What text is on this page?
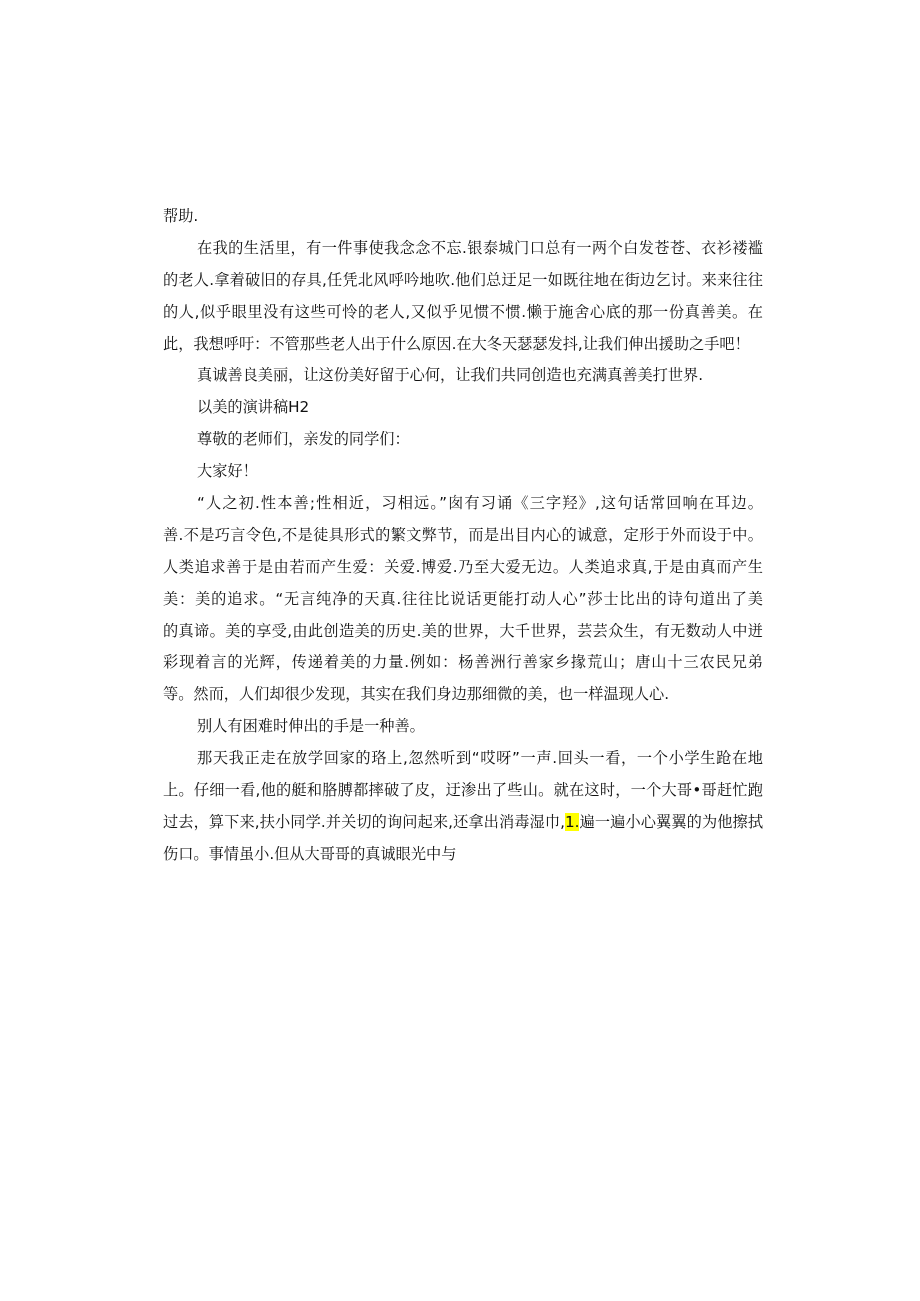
帮助.
在我的生活里，有一件事使我念念不忘.银泰城门口总有一两个白发苍苍、衣衫褛褴
的老人.拿着破旧的存具,任凭北风呼吟地吹.他们总迂足一如既往地在街边乞讨。来来往往
的人,似乎眼里没有这些可怜的老人,又似乎见惯不惯.懒于施舍心底的那一份真善美。在
此，我想呼吁：不管那些老人出于什么原因.在大冬天瑟瑟发抖,让我们伸出援助之手吧！
真诚善良美丽，让这份美好留于心何，让我们共同创造也充满真善美打世界.
以美的演讲稿H2
尊敬的老师们，亲发的同学们：
大家好！
“人之初.性本善;性相近，习相远。”囱有习诵《三字羟》,这句话常回响在耳边。
善.不是巧言令色,不是徒具形式的繁文弊节，而是出目内心的诚意，定形于外而设于中。
人类追求善于是由若而产生爱：关爱.博爱.乃至大爱无边。人类追求真,于是由真而产生
美：美的追求。“无言纯净的天真.往往比说话更能打动人心”莎士比出的诗句道出了美
的真谛。美的享受,由此创造美的历史.美的世界，大千世界，芸芸众生，有无数动人中迸
彩现着言的光辉，传递着美的力量.例如：杨善洲行善家乡掾荒山；唐山十三农民兄弟
等。然而，人们却很少发现，其实在我们身边那细微的美，也一样温现人心.
别人有困难时伸出的手是一种善。
那天我正走在放学回家的珞上,忽然听到“哎呀”一声.回头一看，一个小学生跄在地
上。仔细一看,他的艇和胳膊都摔破了皮，迂渗出了些山。就在这时，一个大哥•哥赶忙跑
过去，算下来,扶小同学.并关切的询问起来,还拿出消毒湿巾,1.遍一遍小心翼翼的为他擦拭
伤口。事情虽小.但从大哥哥的真诚眼光中与
